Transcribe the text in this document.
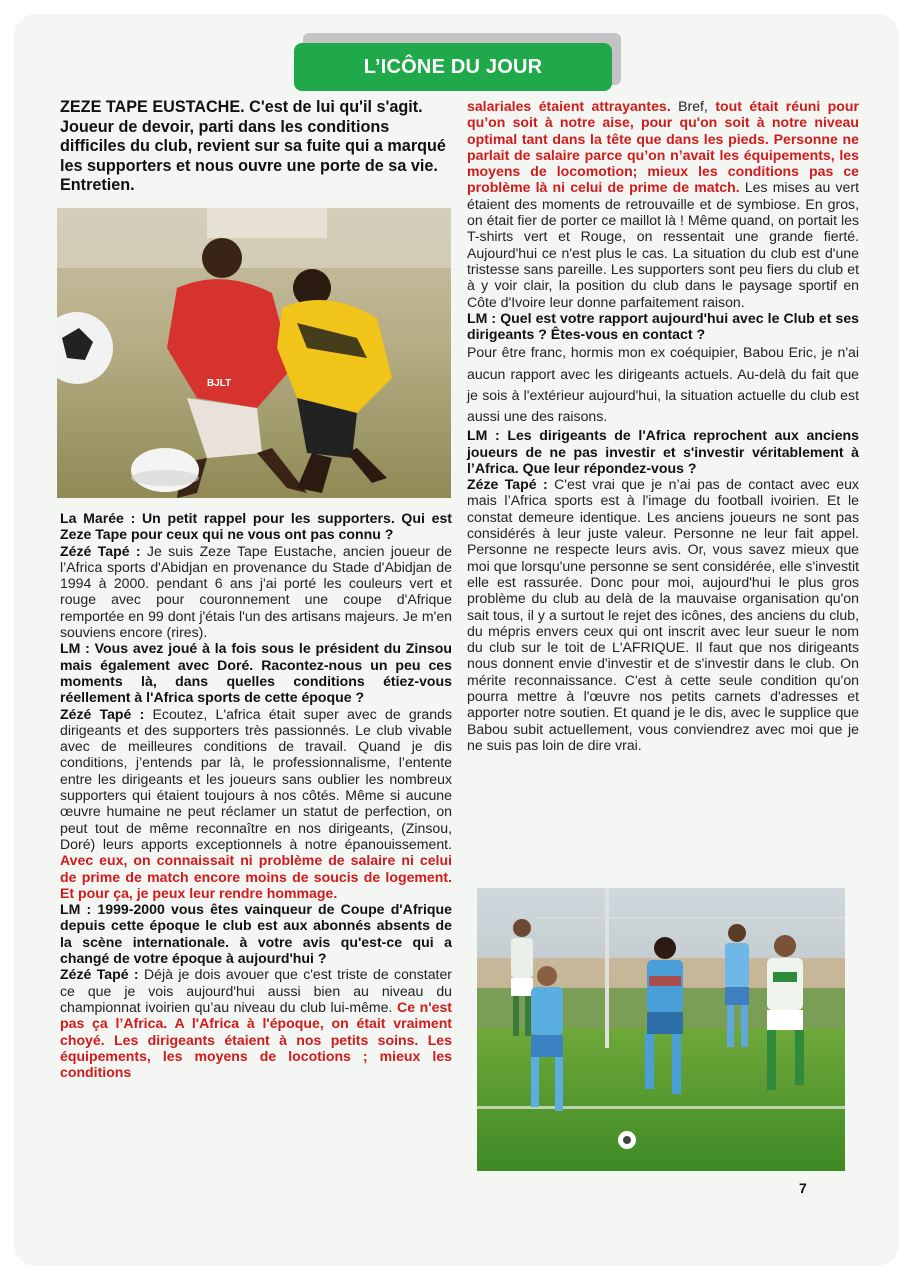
L’ICÔNE DU JOUR

ZEZE TAPE EUSTACHE. C'est de lui qu'il s'agit. Joueur de devoir, parti dans les conditions difficiles du club, revient sur sa fuite qui a marqué les supporters et nous ouvre une porte de sa vie. Entretien.

BJLT

La Marée : Un petit rappel pour les supporters. Qui est Zeze Tape pour ceux qui ne vous ont pas connu ?

Zézé Tapé : Je suis Zeze Tape Eustache, ancien joueur de l’Africa sports d'Abidjan en provenance du Stade d'Abidjan de 1994 à 2000. pendant 6 ans j'ai porté les couleurs vert et rouge avec pour couronnement une coupe d'Afrique remportée en 99 dont j'étais l'un des artisans majeurs. Je m'en souviens encore (rires).

LM : Vous avez joué à la fois sous le président du Zinsou mais également avec Doré. Racontez-nous un peu ces moments là, dans quelles conditions étiez-vous réellement à l'Africa sports de cette époque ?

Zézé Tapé : Ecoutez, L'africa était super avec de grands dirigeants et des supporters très passionnés. Le club vivable avec de meilleures conditions de travail. Quand je dis conditions, j’entends par là, le professionnalisme, l’entente entre les dirigeants et les joueurs sans oublier les nombreux supporters qui étaient toujours à nos côtés. Même si aucune œuvre humaine ne peut réclamer un statut de perfection, on peut tout de même reconnaître en nos dirigeants, (Zinsou, Doré) leurs apports exceptionnels à notre épanouissement. Avec eux, on connaissait ni problème de salaire ni celui de prime de match encore moins de soucis de logement. Et pour ça, je peux leur rendre hommage.

LM : 1999-2000 vous êtes vainqueur de Coupe d'Afrique depuis cette époque le club est aux abonnés absents de la scène internationale. à votre avis qu'est-ce qui a changé de votre époque à aujourd'hui ?

Zézé Tapé : Déjà je dois avouer que c'est triste de constater ce que je vois aujourd'hui aussi bien au niveau du championnat ivoirien qu’au niveau du club lui-même. Ce n'est pas ça l’Africa. A l'Africa à l'époque, on était vraiment choyé. Les dirigeants étaient à nos petits soins. Les équipements, les moyens de locotions ; mieux les conditions

salariales étaient attrayantes. Bref, tout était réuni pour qu’on soit à notre aise, pour qu'on soit à notre niveau optimal tant dans la tête que dans les pieds. Personne ne parlait de salaire parce qu’on n’avait les équipements, les moyens de locomotion; mieux les conditions pas ce problème là ni celui de prime de match. Les mises au vert étaient des moments de retrouvaille et de symbiose. En gros, on était fier de porter ce maillot là ! Même quand, on portait les T-shirts vert et Rouge, on ressentait une grande fierté. Aujourd'hui ce n'est plus le cas. La situation du club est d'une tristesse sans pareille. Les supporters sont peu fiers du club et à y voir clair, la position du club dans le paysage sportif en Côte d'Ivoire leur donne parfaitement raison.

LM : Quel est votre rapport aujourd'hui avec le Club et ses dirigeants ? Êtes-vous en contact ?

Pour être franc, hormis mon ex coéquipier, Babou Eric, je n'ai aucun rapport avec les dirigeants actuels. Au-delà du fait que je sois à l'extérieur aujourd'hui, la situation actuelle du club est aussi une des raisons.

LM : Les dirigeants de l'Africa reprochent aux anciens joueurs de ne pas investir et s'investir véritablement à l’Africa. Que leur répondez-vous ?

Zéze Tapé : C'est vrai que je n’ai pas de contact avec eux mais l’Africa sports est à l'image du football ivoirien. Et le constat demeure identique. Les anciens joueurs ne sont pas considérés à leur juste valeur. Personne ne leur fait appel. Personne ne respecte leurs avis. Or, vous savez mieux que moi que lorsqu'une personne se sent considérée, elle s'investit elle est rassurée. Donc pour moi, aujourd'hui le plus gros problème du club au delà de la mauvaise organisation qu'on sait tous, il y a surtout le rejet des icônes, des anciens du club, du mépris envers ceux qui ont inscrit avec leur sueur le nom du club sur le toit de L'AFRIQUE. Il faut que nos dirigeants nous donnent envie d'investir et de s'investir dans le club. On mérite reconnaissance. C'est à cette seule condition qu'on pourra mettre à l'œuvre nos petits carnets d'adresses et apporter notre soutien. Et quand je le dis, avec le supplice que Babou subit actuellement, vous conviendrez avec moi que je ne suis pas loin de dire vrai.

7
